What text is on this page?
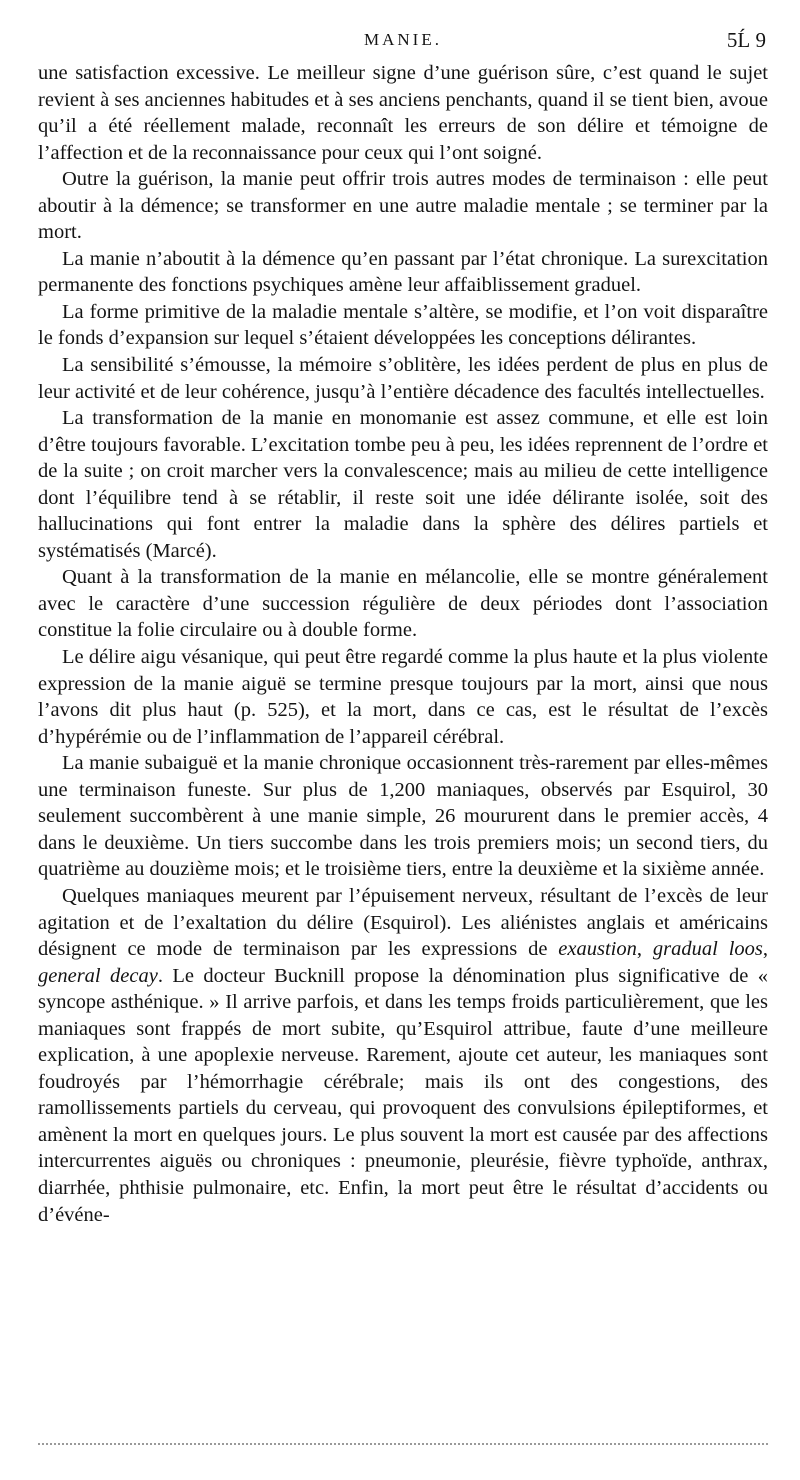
MANIE.	5Ĺ 9

une satisfaction excessive. Le meilleur signe d’une guérison sûre, c’est quand le sujet revient à ses anciennes habitudes et à ses anciens penchants, quand il se tient bien, avoue qu’il a été réellement malade, reconnaît les erreurs de son délire et témoigne de l’affection et de la reconnaissance pour ceux qui l’ont soigné.

Outre la guérison, la manie peut offrir trois autres modes de terminaison : elle peut aboutir à la démence; se transformer en une autre maladie mentale ; se terminer par la mort.

La manie n’aboutit à la démence qu’en passant par l’état chronique. La surexcitation permanente des fonctions psychiques amène leur affaiblissement graduel.

La forme primitive de la maladie mentale s’altère, se modifie, et l’on voit disparaître le fonds d’expansion sur lequel s’étaient développées les conceptions délirantes.

La sensibilité s’émousse, la mémoire s’oblitère, les idées perdent de plus en plus de leur activité et de leur cohérence, jusqu’à l’entière décadence des facultés intellectuelles.

La transformation de la manie en monomanie est assez commune, et elle est loin d’être toujours favorable. L’excitation tombe peu à peu, les idées reprennent de l’ordre et de la suite ; on croit marcher vers la convalescence; mais au milieu de cette intelligence dont l’équilibre tend à se rétablir, il reste soit une idée délirante isolée, soit des hallucinations qui font entrer la maladie dans la sphère des délires partiels et systématisés (Marcé).

Quant à la transformation de la manie en mélancolie, elle se montre généralement avec le caractère d’une succession régulière de deux périodes dont l’association constitue la folie circulaire ou à double forme.

Le délire aigu vésanique, qui peut être regardé comme la plus haute et la plus violente expression de la manie aiguë se termine presque toujours par la mort, ainsi que nous l’avons dit plus haut (p. 525), et la mort, dans ce cas, est le résultat de l’excès d’hypérémie ou de l’inflammation de l’appareil cérébral.

La manie subaiguë et la manie chronique occasionnent très-rarement par elles-mêmes une terminaison funeste. Sur plus de 1,200 maniaques, observés par Esquirol, 30 seulement succombèrent à une manie simple, 26 moururent dans le premier accès, 4 dans le deuxième. Un tiers succombe dans les trois premiers mois; un second tiers, du quatrième au douzième mois; et le troisième tiers, entre la deuxième et la sixième année.

Quelques maniaques meurent par l’épuisement nerveux, résultant de l’excès de leur agitation et de l’exaltation du délire (Esquirol). Les aliénistes anglais et américains désignent ce mode de terminaison par les expressions de exaustion, gradual loos, general decay. Le docteur Bucknill propose la dénomination plus significative de « syncope asthénique. » Il arrive parfois, et dans les temps froids particulièrement, que les maniaques sont frappés de mort subite, qu’Esquirol attribue, faute d’une meilleure explication, à une apoplexie nerveuse. Rarement, ajoute cet auteur, les maniaques sont foudroyés par l’hémorrhagie cérébrale; mais ils ont des congestions, des ramollissements partiels du cerveau, qui provoquent des convulsions épileptiformes, et amènent la mort en quelques jours. Le plus souvent la mort est causée par des affections intercurrentes aiguës ou chroniques : pneumonie, pleurésie, fièvre typhoïde, anthrax, diarrhée, phthisie pulmonaire, etc. Enfin, la mort peut être le résultat d’accidents ou d’événe-
